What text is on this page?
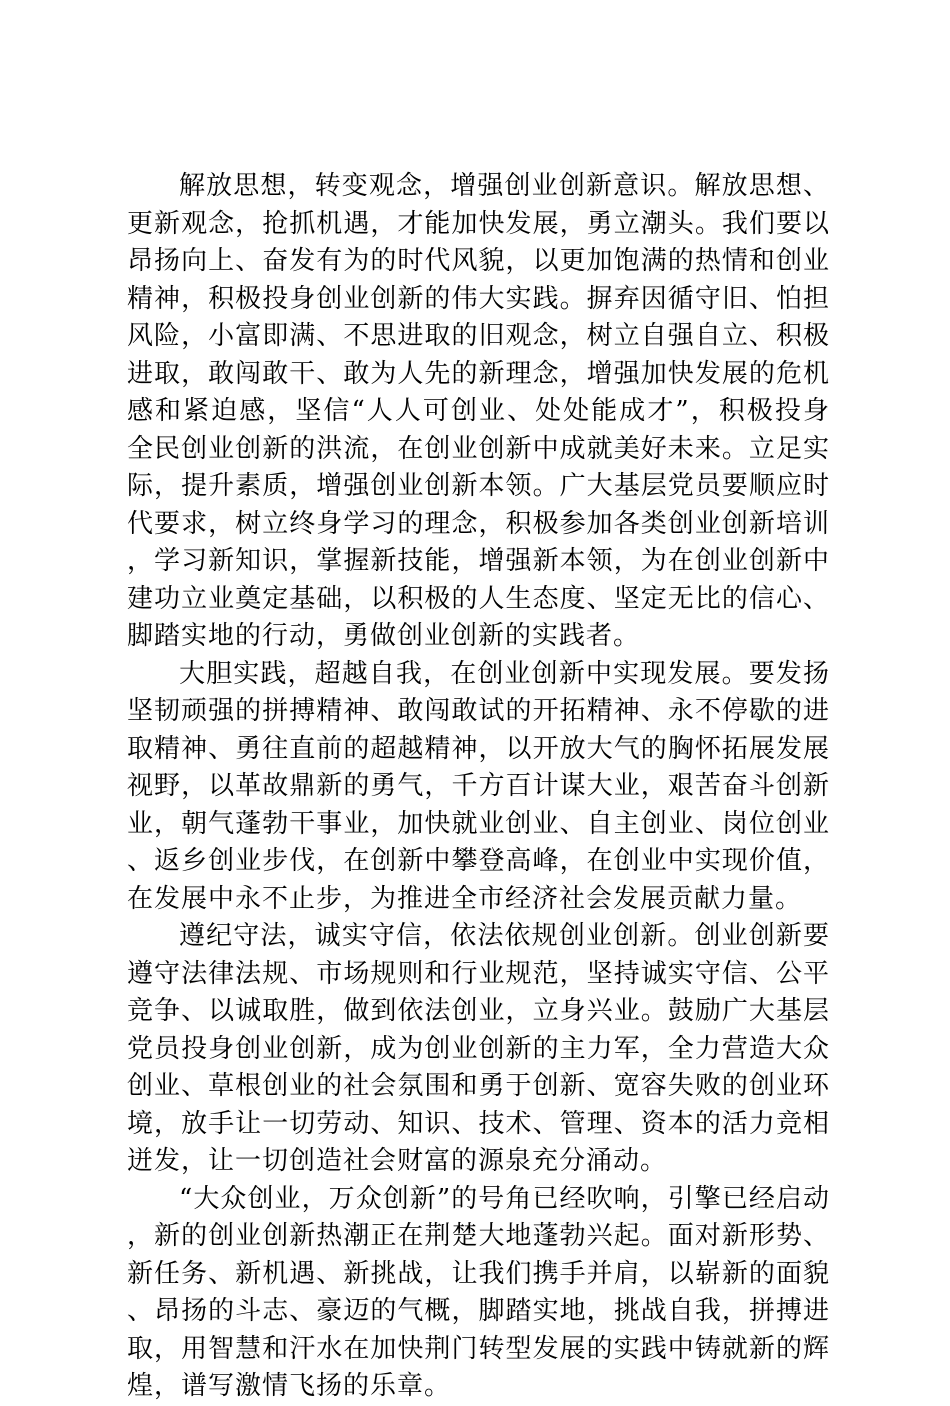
解放思想，转变观念，增强创业创新意识。解放思想、更新观念，抢抓机遇，才能加快发展，勇立潮头。我们要以昂扬向上、奋发有为的时代风貌，以更加饱满的热情和创业精神，积极投身创业创新的伟大实践。摒弃因循守旧、怕担风险，小富即满、不思进取的旧观念，树立自强自立、积极进取，敢闯敢干、敢为人先的新理念，增强加快发展的危机感和紧迫感，坚信“人人可创业、处处能成才”，积极投身全民创业创新的洪流，在创业创新中成就美好未来。立足实际，提升素质，增强创业创新本领。广大基层党员要顺应时代要求，树立终身学习的理念，积极参加各类创业创新培训，学习新知识，掌握新技能，增强新本领，为在创业创新中建功立业奠定基础，以积极的人生态度、坚定无比的信心、脚踏实地的行动，勇做创业创新的实践者。

大胆实践，超越自我，在创业创新中实现发展。要发扬坚韧顽强的拼搏精神、敢闯敢试的开拓精神、永不停歇的进取精神、勇往直前的超越精神，以开放大气的胸怀拓展发展视野，以革故鼎新的勇气，千方百计谋大业，艰苦奋斗创新业，朝气蓬勃干事业，加快就业创业、自主创业、岗位创业、返乡创业步伐，在创新中攀登高峰，在创业中实现价值，在发展中永不止步，为推进全市经济社会发展贡献力量。

遵纪守法，诚实守信，依法依规创业创新。创业创新要遵守法律法规、市场规则和行业规范，坚持诚实守信、公平竞争、以诚取胜，做到依法创业，立身兴业。鼓励广大基层党员投身创业创新，成为创业创新的主力军，全力营造大众创业、草根创业的社会氛围和勇于创新、宽容失败的创业环境，放手让一切劳动、知识、技术、管理、资本的活力竞相迸发，让一切创造社会财富的源泉充分涌动。

“大众创业，万众创新”的号角已经吹响，引擎已经启动，新的创业创新热潮正在荆楚大地蓬勃兴起。面对新形势、新任务、新机遇、新挑战，让我们携手并肩，以崭新的面貌、昂扬的斗志、豪迈的气概，脚踏实地，挑战自我，拼搏进取，用智慧和汗水在加快荆门转型发展的实践中铸就新的辉煌，谱写激情飞扬的乐章。
